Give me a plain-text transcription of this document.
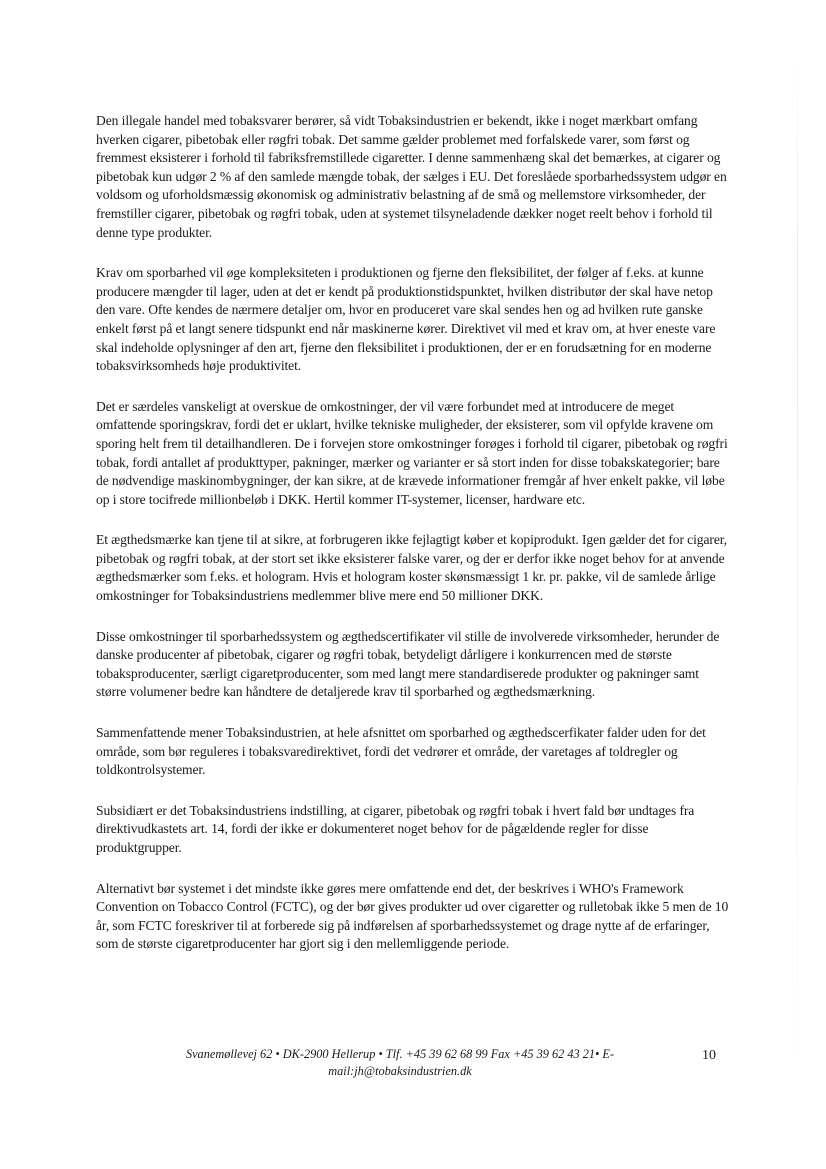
Den illegale handel med tobaksvarer berører, så vidt Tobaksindustrien er bekendt, ikke i noget mærkbart omfang hverken cigarer, pibetobak eller røgfri tobak. Det samme gælder problemet med forfalskede varer, som først og fremmest eksisterer i forhold til fabriksfremstillede cigaretter. I denne sammenhæng skal det bemærkes, at cigarer og pibetobak kun udgør 2 % af den samlede mængde tobak, der sælges i EU. Det foreslåede sporbarhedssystem udgør en voldsom og uforholdsmæssig økonomisk og administrativ belastning af de små og mellemstore virksomheder, der fremstiller cigarer, pibetobak og røgfri tobak, uden at systemet tilsyneladende dækker noget reelt behov i forhold til denne type produkter.

Krav om sporbarhed vil øge kompleksiteten i produktionen og fjerne den fleksibilitet, der følger af f.eks. at kunne producere mængder til lager, uden at det er kendt på produktionstidspunktet, hvilken distributør der skal have netop den vare. Ofte kendes de nærmere detaljer om, hvor en produceret vare skal sendes hen og ad hvilken rute ganske enkelt først på et langt senere tidspunkt end når maskinerne kører. Direktivet vil med et krav om, at hver eneste vare skal indeholde oplysninger af den art, fjerne den fleksibilitet i produktionen, der er en forudsætning for en moderne tobaksvirksomheds høje produktivitet.

Det er særdeles vanskeligt at overskue de omkostninger, der vil være forbundet med at introducere de meget omfattende sporingskrav, fordi det er uklart, hvilke tekniske muligheder, der eksisterer, som vil opfylde kravene om sporing helt frem til detailhandleren. De i forvejen store omkostninger forøges i forhold til cigarer, pibetobak og røgfri tobak, fordi antallet af produkttyper, pakninger, mærker og varianter er så stort inden for disse tobakskategorier; bare de nødvendige maskinombygninger, der kan sikre, at de krævede informationer fremgår af hver enkelt pakke, vil løbe op i store tocifrede millionbeløb i DKK. Hertil kommer IT-systemer, licenser, hardware etc.

Et ægthedsmærke kan tjene til at sikre, at forbrugeren ikke fejlagtigt køber et kopiprodukt. Igen gælder det for cigarer, pibetobak og røgfri tobak, at der stort set ikke eksisterer falske varer, og der er derfor ikke noget behov for at anvende ægthedsmærker som f.eks. et hologram. Hvis et hologram koster skønsmæssigt 1 kr. pr. pakke, vil de samlede årlige omkostninger for Tobaksindustriens medlemmer blive mere end 50 millioner DKK.

Disse omkostninger til sporbarhedssystem og ægthedscertifikater vil stille de involverede virksomheder, herunder de danske producenter af pibetobak, cigarer og røgfri tobak, betydeligt dårligere i konkurrencen med de største tobaksproducenter, særligt cigaretproducenter, som med langt mere standardiserede produkter og pakninger samt større volumener bedre kan håndtere de detaljerede krav til sporbarhed og ægthedsmærkning.

Sammenfattende mener Tobaksindustrien, at hele afsnittet om sporbarhed og ægthedscerfikater falder uden for det område, som bør reguleres i tobaksvaredirektivet, fordi det vedrører et område, der varetages af toldregler og toldkontrolsystemer.

Subsidiært er det Tobaksindustriens indstilling, at cigarer, pibetobak og røgfri tobak i hvert fald bør undtages fra direktivudkastets art. 14, fordi der ikke er dokumenteret noget behov for de pågældende regler for disse produktgrupper.

Alternativt bør systemet i det mindste ikke gøres mere omfattende end det, der beskrives i WHO's Framework Convention on Tobacco Control (FCTC), og der bør gives produkter ud over cigaretter og rulletobak ikke 5 men de 10 år, som FCTC foreskriver til at forberede sig på indførelsen af sporbarhedssystemet og drage nytte af de erfaringer, som de største cigaretproducenter har gjort sig i den mellemliggende periode.

Svanemøllevej 62 • DK-2900 Hellerup • Tlf. +45 39 62 68 99 Fax +45 39 62 43 21• E-
mail:jh@tobaksindustrien.dk
10
